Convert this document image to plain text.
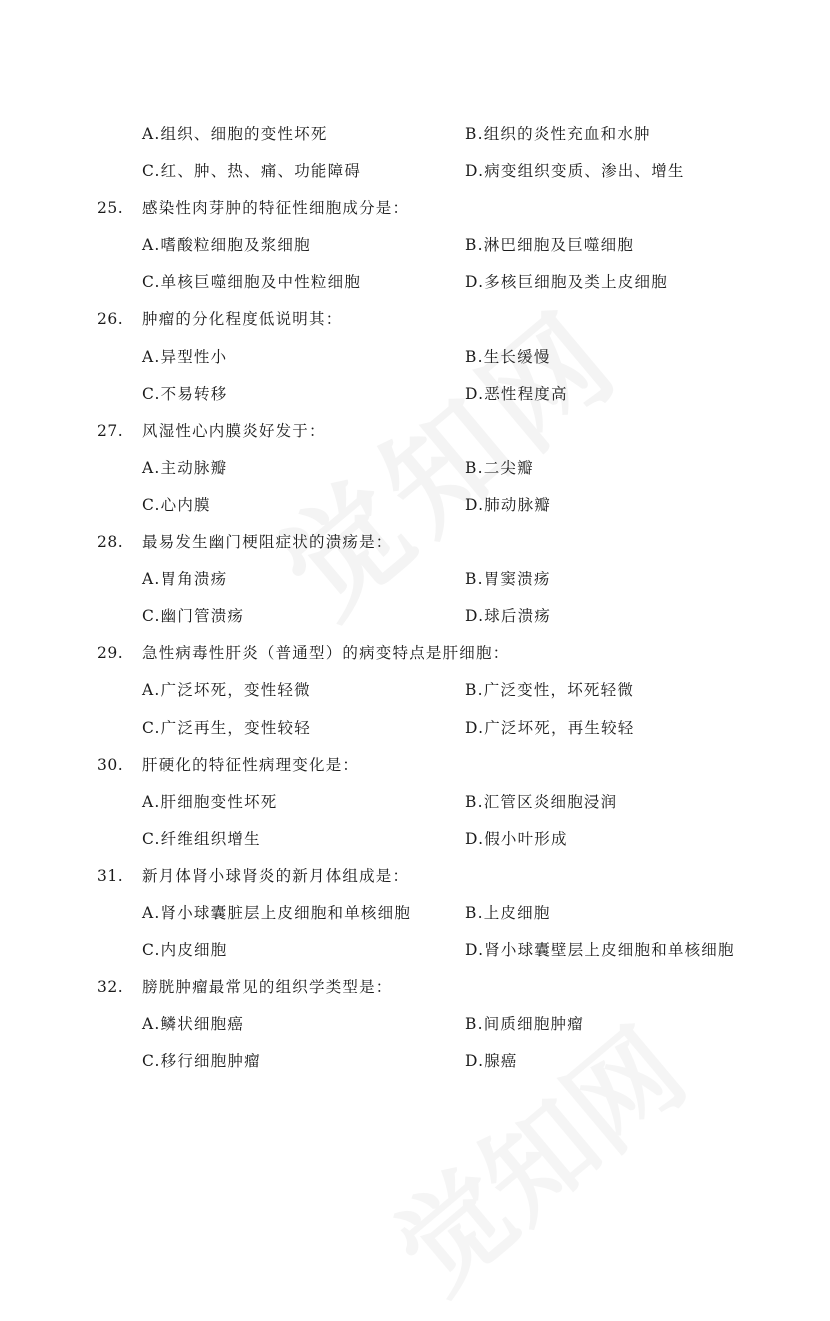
A.组织、细胞的变性坏死	B.组织的炎性充血和水肿
C.红、肿、热、痛、功能障碍	D.病变组织变质、渗出、增生
25. 感染性肉芽肿的特征性细胞成分是：
A.嗜酸粒细胞及浆细胞	B.淋巴细胞及巨噬细胞
C.单核巨噬细胞及中性粒细胞	D.多核巨细胞及类上皮细胞
26. 肿瘤的分化程度低说明其：
A.异型性小	B.生长缓慢
C.不易转移	D.恶性程度高
27. 风湿性心内膜炎好发于：
A.主动脉瓣	B.二尖瓣
C.心内膜	D.肺动脉瓣
28. 最易发生幽门梗阻症状的溃疡是：
A.胃角溃疡	B.胃窦溃疡
C.幽门管溃疡	D.球后溃疡
29. 急性病毒性肝炎（普通型）的病变特点是肝细胞：
A.广泛坏死，变性轻微	B.广泛变性，坏死轻微
C.广泛再生，变性较轻	D.广泛坏死，再生较轻
30. 肝硬化的特征性病理变化是：
A.肝细胞变性坏死	B.汇管区炎细胞浸润
C.纤维组织增生	D.假小叶形成
31. 新月体肾小球肾炎的新月体组成是：
A.肾小球囊脏层上皮细胞和单核细胞	B.上皮细胞
C.内皮细胞	D.肾小球囊壁层上皮细胞和单核细胞
32. 膀胱肿瘤最常见的组织学类型是：
A.鳞状细胞癌	B.间质细胞肿瘤
C.移行细胞肿瘤	D.腺癌
